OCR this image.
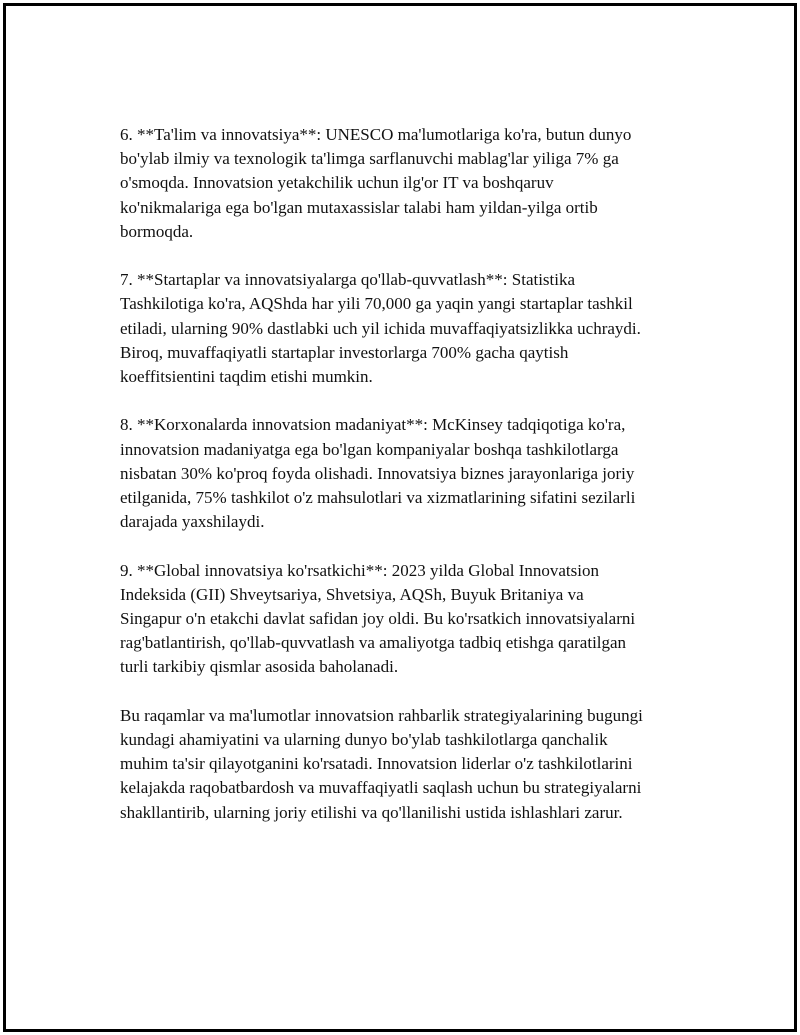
6. **Ta'lim va innovatsiya**: UNESCO ma'lumotlariga ko'ra, butun dunyo
bo'ylab ilmiy va texnologik ta'limga sarflanuvchi mablag'lar yiliga 7% ga
o'smoqda. Innovatsion yetakchilik uchun ilg'or IT va boshqaruv
ko'nikmalariga ega bo'lgan mutaxassislar talabi ham yildan-yilga ortib
bormoqda.

7. **Startaplar va innovatsiyalarga qo'llab-quvvatlash**: Statistika
Tashkilotiga ko'ra, AQShda har yili 70,000 ga yaqin yangi startaplar tashkil
etiladi, ularning 90% dastlabki uch yil ichida muvaffaqiyatsizlikka uchraydi.
Biroq, muvaffaqiyatli startaplar investorlarga 700% gacha qaytish
koeffitsientini taqdim etishi mumkin.

8. **Korxonalarda innovatsion madaniyat**: McKinsey tadqiqotiga ko'ra,
innovatsion madaniyatga ega bo'lgan kompaniyalar boshqa tashkilotlarga
nisbatan 30% ko'proq foyda olishadi. Innovatsiya biznes jarayonlariga joriy
etilganida, 75% tashkilot o'z mahsulotlari va xizmatlarining sifatini sezilarli
darajada yaxshilaydi.

9. **Global innovatsiya ko'rsatkichi**: 2023 yilda Global Innovatsion
Indeksida (GII) Shveytsariya, Shvetsiya, AQSh, Buyuk Britaniya va
Singapur o'n etakchi davlat safidan joy oldi. Bu ko'rsatkich innovatsiyalarni
rag'batlantirish, qo'llab-quvvatlash va amaliyotga tadbiq etishga qaratilgan
turli tarkibiy qismlar asosida baholanadi.

Bu raqamlar va ma'lumotlar innovatsion rahbarlik strategiyalarining bugungi
kundagi ahamiyatini va ularning dunyo bo'ylab tashkilotlarga qanchalik
muhim ta'sir qilayotganini ko'rsatadi. Innovatsion liderlar o'z tashkilotlarini
kelajakda raqobatbardosh va muvaffaqiyatli saqlash uchun bu strategiyalarni
shakllantirib, ularning joriy etilishi va qo'llanilishi ustida ishlashlari zarur.
